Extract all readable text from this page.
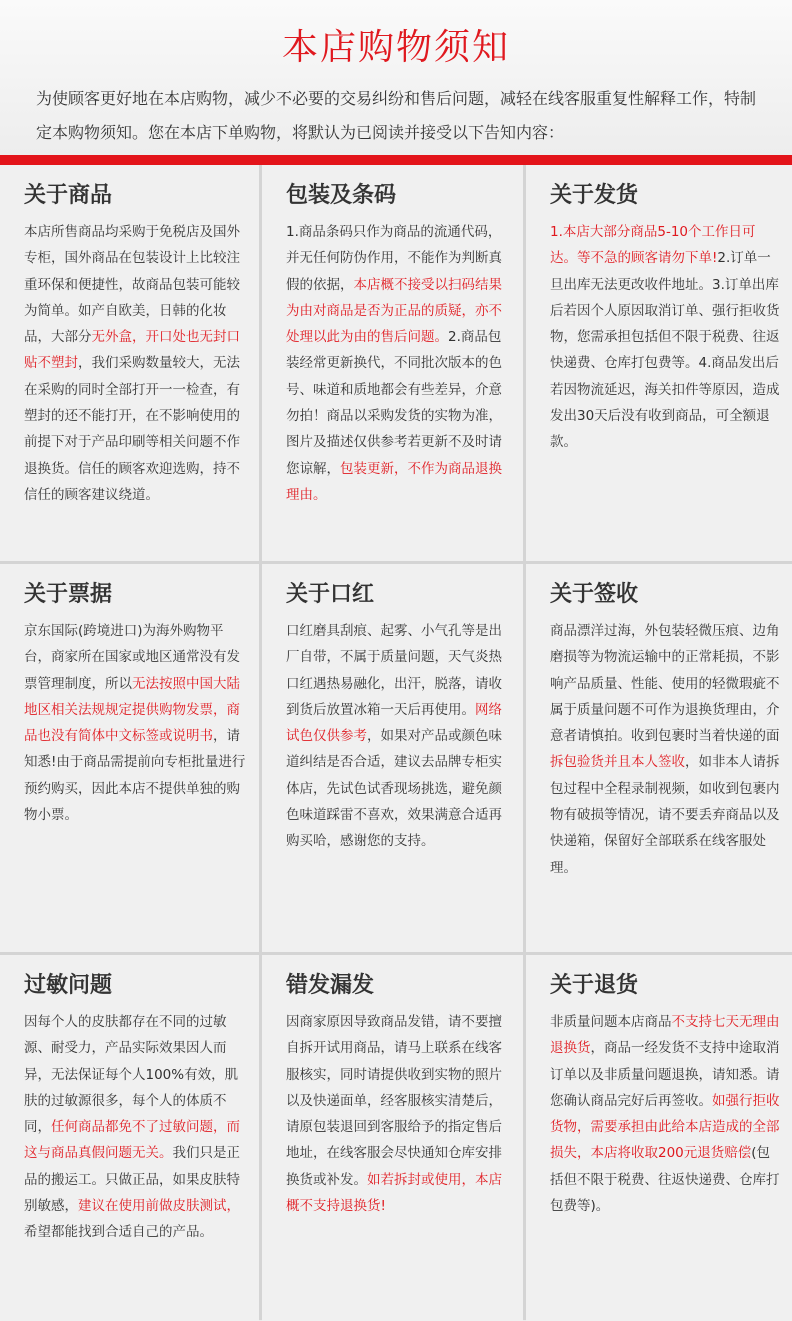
本店购物须知
为使顾客更好地在本店购物，减少不必要的交易纠纷和售后问题，减轻在线客服重复性解释工作，特制定本购物须知。您在本店下单购物，将默认为已阅读并接受以下告知内容：
关于商品
本店所售商品均采购于免税店及国外专柜，国外商品在包装设计上比较注重环保和便捷性，故商品包装可能较为简单。如产自欧美，日韩的化妆品，大部分无外盒，开口处也无封口贴不塑封，我们采购数量较大，无法在采购的同时全部打开一一检查，有塑封的还不能打开，在不影响使用的前提下对于产品印刷等相关问题不作退换货。信任的顾客欢迎选购，持不信任的顾客建议绕道。
包装及条码
1.商品条码只作为商品的流通代码，并无任何防伪作用，不能作为判断真假的依据，本店概不接受以扫码结果为由对商品是否为正品的质疑，亦不处理以此为由的售后问题。2.商品包装经常更新换代，不同批次版本的色号、味道和质地都会有些差异，介意勿拍！商品以采购发货的实物为准，图片及描述仅供参考若更新不及时请您谅解，包装更新，不作为商品退换理由。
关于发货
1.本店大部分商品5-10个工作日可达。等不急的顾客请勿下单!2.订单一旦出库无法更改收件地址。3.订单出库后若因个人原因取消订单、强行拒收货物，您需承担包括但不限于税费、往返快递费、仓库打包费等。4.商品发出后若因物流延迟，海关扣件等原因，造成发出30天后没有收到商品，可全额退款。
关于票据
京东国际(跨境进口)为海外购物平台，商家所在国家或地区通常没有发票管理制度，所以无法按照中国大陆地区相关法规规定提供购物发票，商品也没有简体中文标签或说明书，请知悉!由于商品需提前向专柜批量进行预约购买，因此本店不提供单独的购物小票。
关于口红
口红磨具刮痕、起雾、小气孔等是出厂自带，不属于质量问题，天气炎热口红遇热易融化，出汗，脱落，请收到货后放置冰箱一天后再使用。网络试色仅供参考，如果对产品或颜色味道纠结是否合适，建议去品牌专柜实体店，先试色试香现场挑选，避免颜色味道踩雷不喜欢，效果满意合适再购买哈，感谢您的支持。
关于签收
商品漂洋过海，外包装轻微压痕、边角磨损等为物流运输中的正常耗损，不影响产品质量、性能、使用的轻微瑕疵不属于质量问题不可作为退换货理由，介意者请慎拍。收到包裹时当着快递的面拆包验货并且本人签收，如非本人请拆包过程中全程录制视频，如收到包裹内物有破损等情况，请不要丢弃商品以及快递箱，保留好全部联系在线客服处理。
过敏问题
因每个人的皮肤都存在不同的过敏源、耐受力，产品实际效果因人而异，无法保证每个人100%有效，肌肤的过敏源很多，每个人的体质不同，任何商品都免不了过敏问题，而这与商品真假问题无关。我们只是正品的搬运工。只做正品，如果皮肤特别敏感，建议在使用前做皮肤测试，希望都能找到合适自己的产品。
错发漏发
因商家原因导致商品发错，请不要擅自拆开试用商品，请马上联系在线客服核实，同时请提供收到实物的照片以及快递面单，经客服核实清楚后，请原包装退回到客服给予的指定售后地址，在线客服会尽快通知仓库安排换货或补发。如若拆封或使用，本店概不支持退换货!
关于退货
非质量问题本店商品不支持七天无理由退换货，商品一经发货不支持中途取消订单以及非质量问题退换，请知悉。请您确认商品完好后再签收。如强行拒收货物，需要承担由此给本店造成的全部损失，本店将收取200元退货赔偿(包括但不限于税费、往返快递费、仓库打包费等)。
